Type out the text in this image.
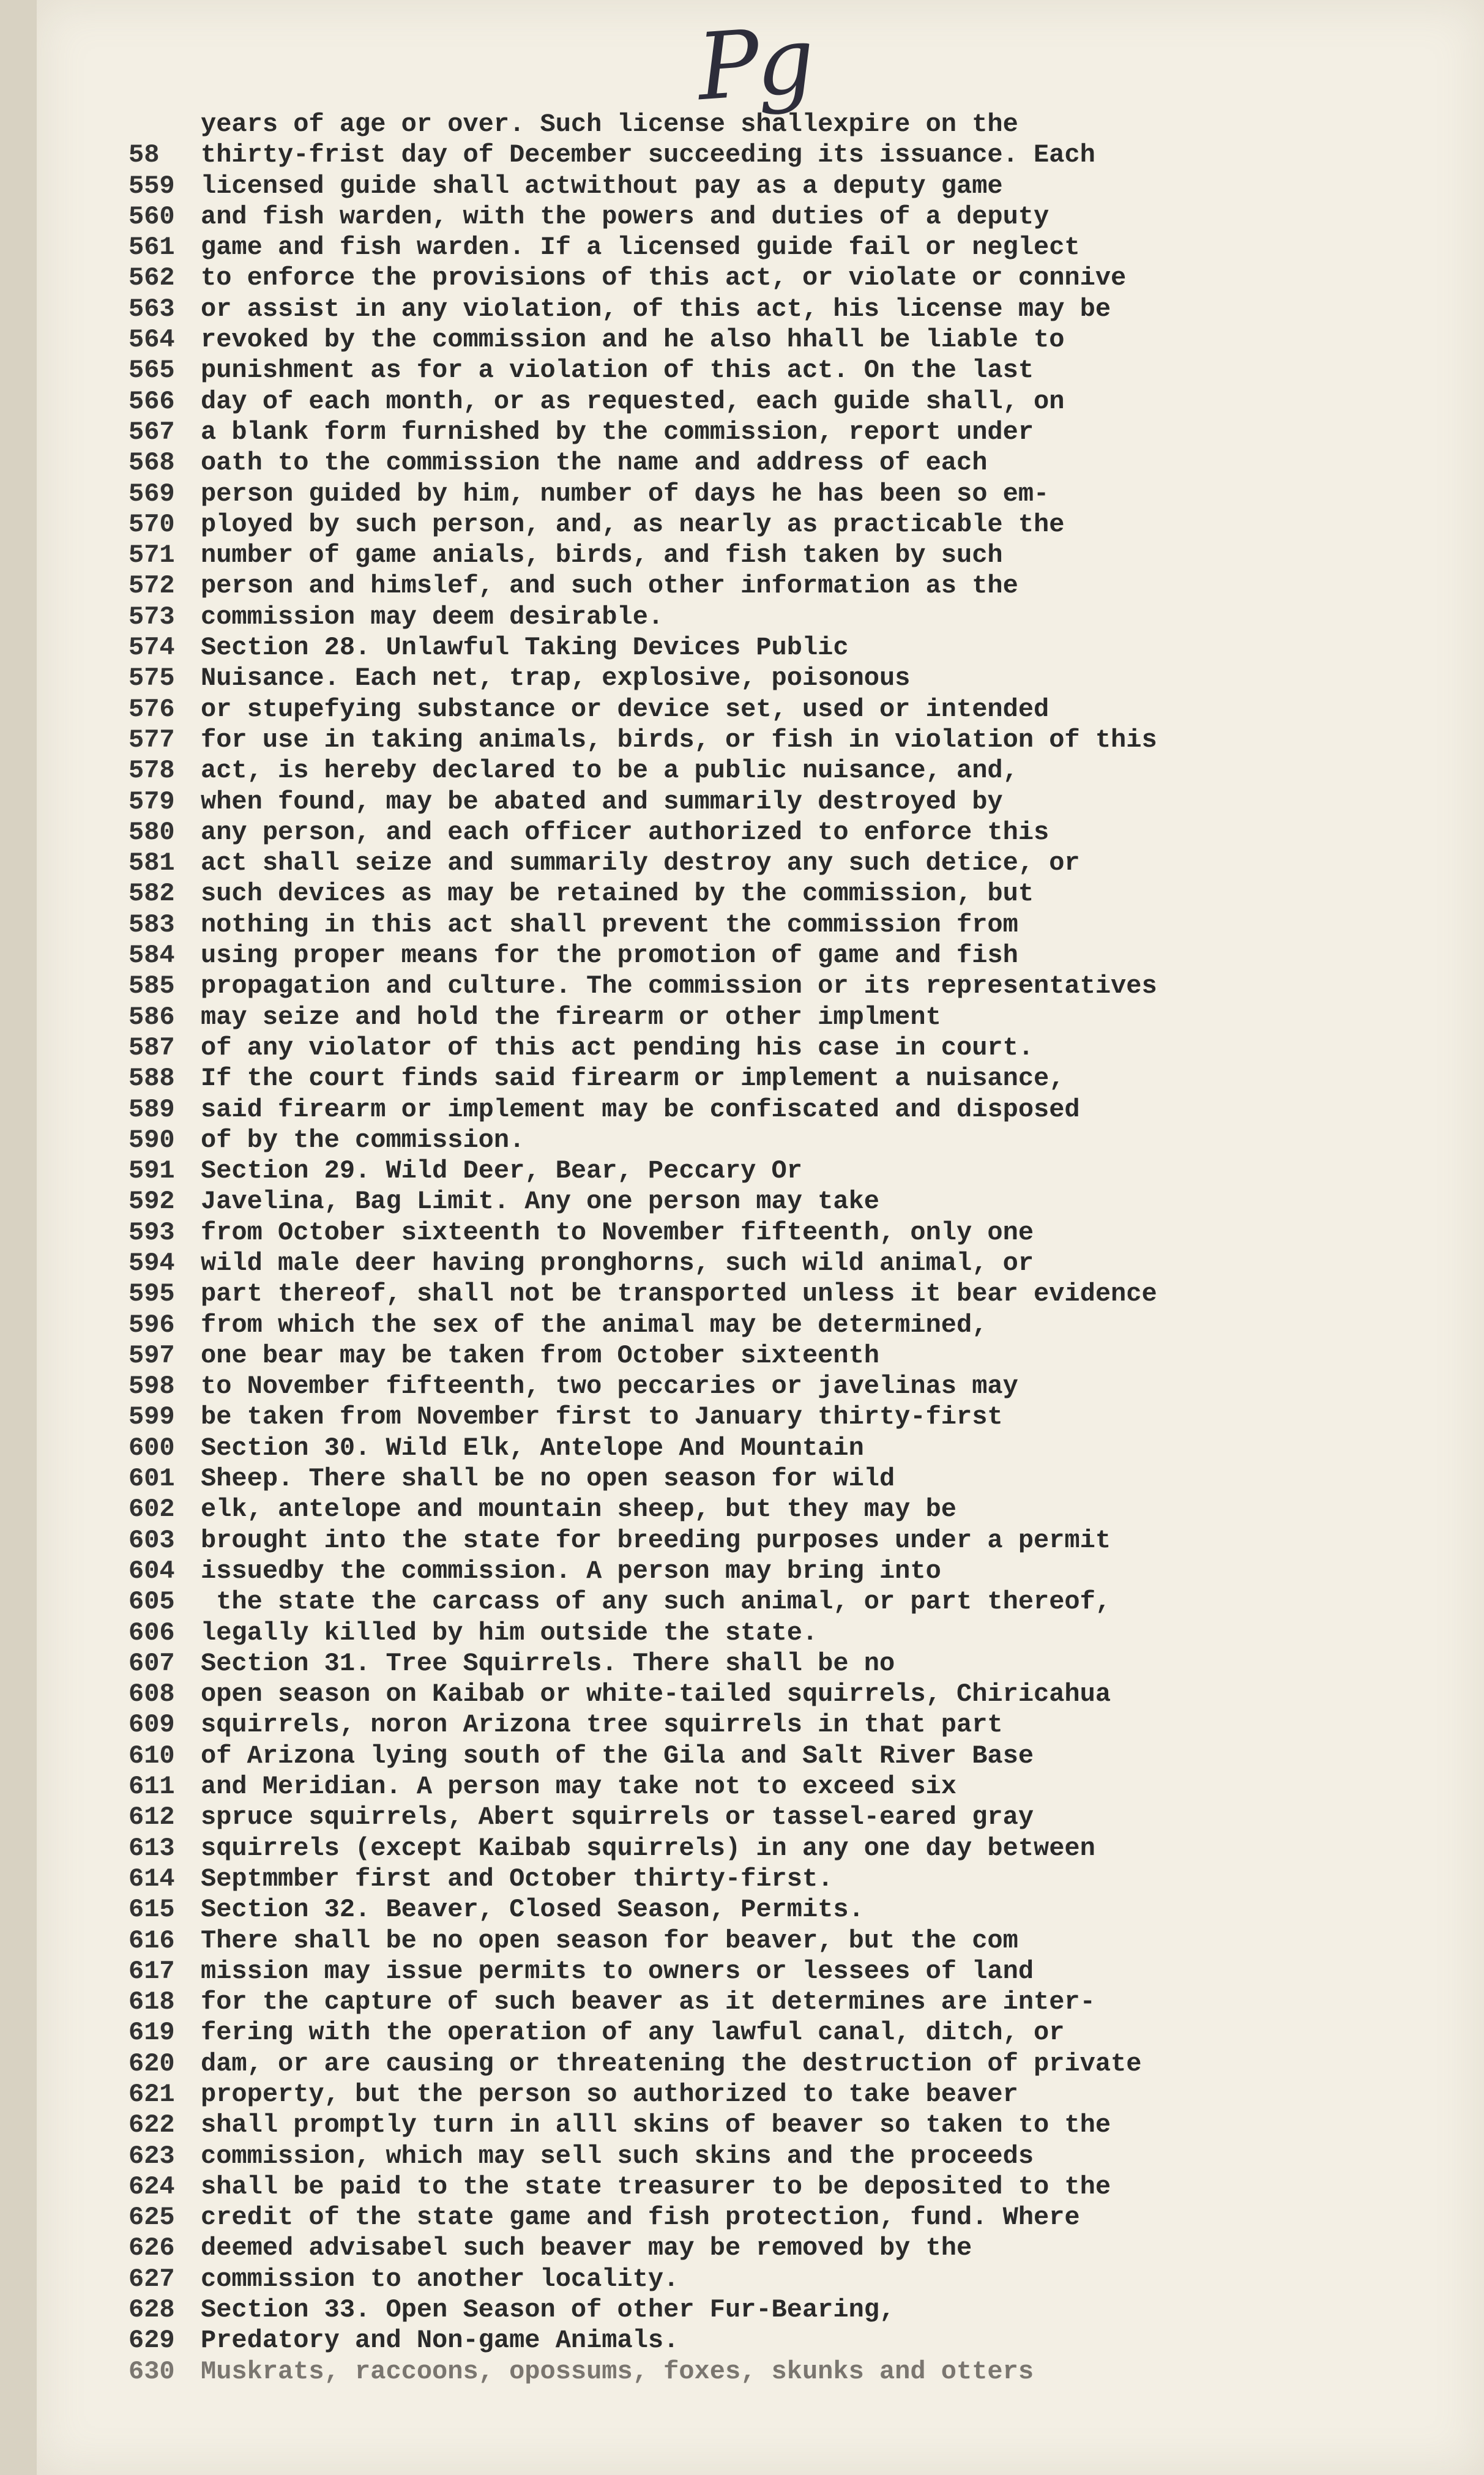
Pg
years of age or over. Such license shallexpire on the
58 thirty-frist day of December succeeding its issuance. Each
559 licensed guide shall actwithout pay as a deputy game
560 and fish warden, with the powers and duties of a deputy
561 game and fish warden. If a licensed guide fail or neglect
562 to enforce the provisions of this act, or violate or connive
563 or assist in any violation, of this act, his license may be
564 revoked by the commission and he also hhall be liable to
565 punishment as for a violation of this act. On the last
566 day of each month, or as requested, each guide shall, on
567 a blank form furnished by the commission, report under
568 oath to the commission the name and address of each
569 person guided by him, number of days he has been so em-
570 ployed by such person, and, as nearly as practicable the
571 number of game anials, birds, and fish taken by such
572 person and himslef, and such other information as the
573 commission may deem desirable.
574 Section 28. Unlawful Taking Devices Public
575 Nuisance. Each net, trap, explosive, poisonous
576 or stupefying substance or device set, used or intended
577 for use in taking animals, birds, or fish in violation of this
578 act, is hereby declared to be a public nuisance, and,
579 when found, may be abated and summarily destroyed by
580 any person, and each officer authorized to enforce this
581 act shall seize and summarily destroy any such detice, or
582 such devices as may be retained by the commission, but
583 nothing in this act shall prevent the commission from
584 using proper means for the promotion of game and fish
585 propagation and culture. The commission or its representatives
586 may seize and hold the firearm or other implment
587 of any violator of this act pending his case in court.
588 If the court finds said firearm or implement a nuisance,
589 said firearm or implement may be confiscated and disposed
590 of by the commission.
591 Section 29. Wild Deer, Bear, Peccary Or
592 Javelina, Bag Limit. Any one person may take
593 from October sixteenth to November fifteenth, only one
594 wild male deer having pronghorns, such wild animal, or
595 part thereof, shall not be transported unless it bear evidence
596 from which the sex of the animal may be determined,
597 one bear may be taken from October sixteenth
598 to November fifteenth, two peccaries or javelinas may
599 be taken from November first to January thirty-first
600 Section 30. Wild Elk, Antelope And Mountain
601 Sheep. There shall be no open season for wild
602 elk, antelope and mountain sheep, but they may be
603 brought into the state for breeding purposes under a permit
604 issuedby the commission. A person may bring into
605 the state the carcass of any such animal, or part thereof,
606 legally killed by him outside the state.
607 Section 31. Tree Squirrels. There shall be no
608 open season on Kaibab or white-tailed squirrels, Chiricahua
609 squirrels, noron Arizona tree squirrels in that part
610 of Arizona lying south of the Gila and Salt River Base
611 and Meridian. A person may take not to exceed six
612 spruce squirrels, Abert squirrels or tassel-eared gray
613 squirrels (except Kaibab squirrels) in any one day between
614 Septmmber first and October thirty-first.
615 Section 32. Beaver, Closed Season, Permits.
616 There shall be no open season for beaver, but the com
617 mission may issue permits to owners or lessees of land
618 for the capture of such beaver as it determines are inter-
619 fering with the operation of any lawful canal, ditch, or
620 dam, or are causing or threatening the destruction of private
621 property, but the person so authorized to take beaver
622 shall promptly turn in alll skins of beaver so taken to the
623 commission, which may sell such skins and the proceeds
624 shall be paid to the state treasurer to be deposited to the
625 credit of the state game and fish protection, fund. Where
626 deemed advisabel such beaver may be removed by the
627 commission to another locality.
628 Section 33. Open Season of other Fur-Bearing,
629 Predatory and Non-game Animals.
630 Muskrats, raccoons, opossums, foxes, skunks and otters
